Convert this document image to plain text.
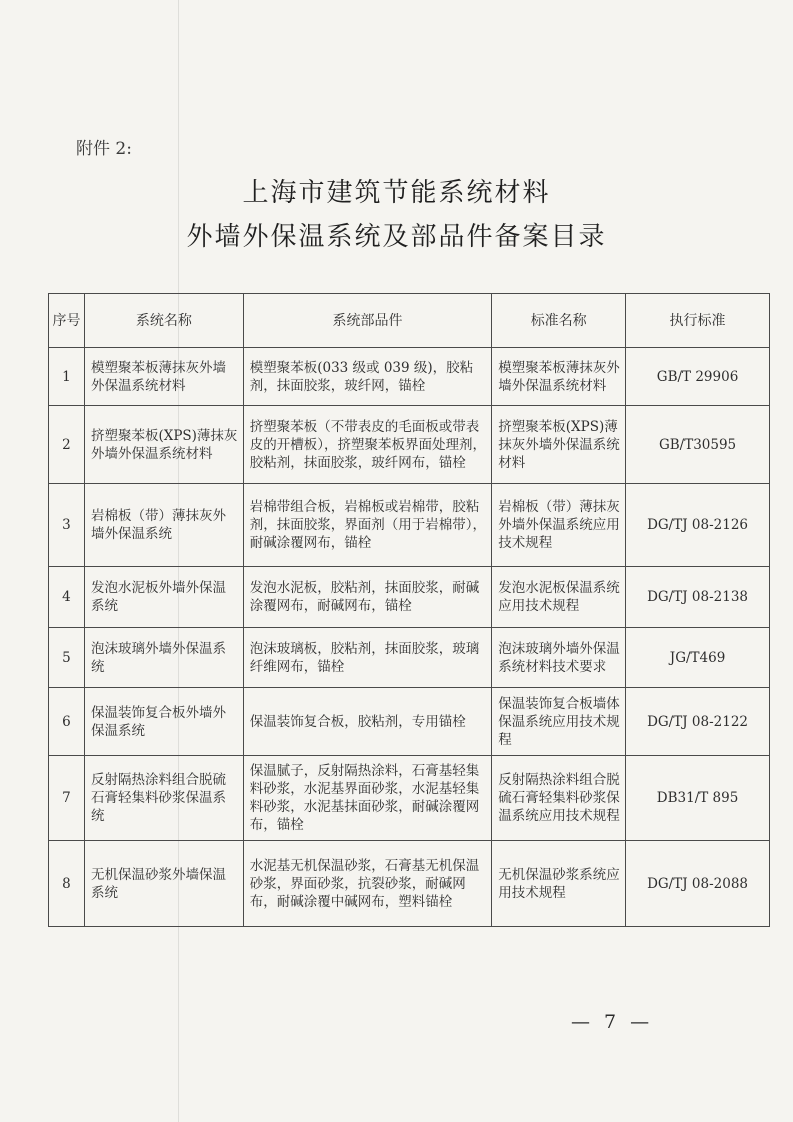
附件 2:
上海市建筑节能系统材料
外墙外保温系统及部品件备案目录
序号	系统名称	系统部品件	标准名称	执行标准
1	模塑聚苯板薄抹灰外墙外保温系统材料	模塑聚苯板(033 级或 039 级)，胶粘剂，抹面胶浆，玻纤网，锚栓	模塑聚苯板薄抹灰外墙外保温系统材料	GB/T 29906
2	挤塑聚苯板(XPS)薄抹灰外墙外保温系统材料	挤塑聚苯板（不带表皮的毛面板或带表皮的开槽板），挤塑聚苯板界面处理剂，胶粘剂，抹面胶浆，玻纤网布，锚栓	挤塑聚苯板(XPS)薄抹灰外墙外保温系统材料	GB/T30595
3	岩棉板（带）薄抹灰外墙外保温系统	岩棉带组合板，岩棉板或岩棉带，胶粘剂，抹面胶浆，界面剂（用于岩棉带），耐碱涂覆网布，锚栓	岩棉板（带）薄抹灰外墙外保温系统应用技术规程	DG/TJ 08-2126
4	发泡水泥板外墙外保温系统	发泡水泥板，胶粘剂，抹面胶浆，耐碱涂覆网布，耐碱网布，锚栓	发泡水泥板保温系统应用技术规程	DG/TJ 08-2138
5	泡沫玻璃外墙外保温系统	泡沫玻璃板，胶粘剂，抹面胶浆，玻璃纤维网布，锚栓	泡沫玻璃外墙外保温系统材料技术要求	JG/T469
6	保温装饰复合板外墙外保温系统	保温装饰复合板，胶粘剂，专用锚栓	保温装饰复合板墙体保温系统应用技术规程	DG/TJ 08-2122
7	反射隔热涂料组合脱硫石膏轻集料砂浆保温系统	保温腻子，反射隔热涂料，石膏基轻集料砂浆，水泥基界面砂浆，水泥基轻集料砂浆，水泥基抹面砂浆，耐碱涂覆网布，锚栓	反射隔热涂料组合脱硫石膏轻集料砂浆保温系统应用技术规程	DB31/T 895
8	无机保温砂浆外墙保温系统	水泥基无机保温砂浆，石膏基无机保温砂浆，界面砂浆，抗裂砂浆，耐碱网布，耐碱涂覆中碱网布，塑料锚栓	无机保温砂浆系统应用技术规程	DG/TJ 08-2088
— 7 —
